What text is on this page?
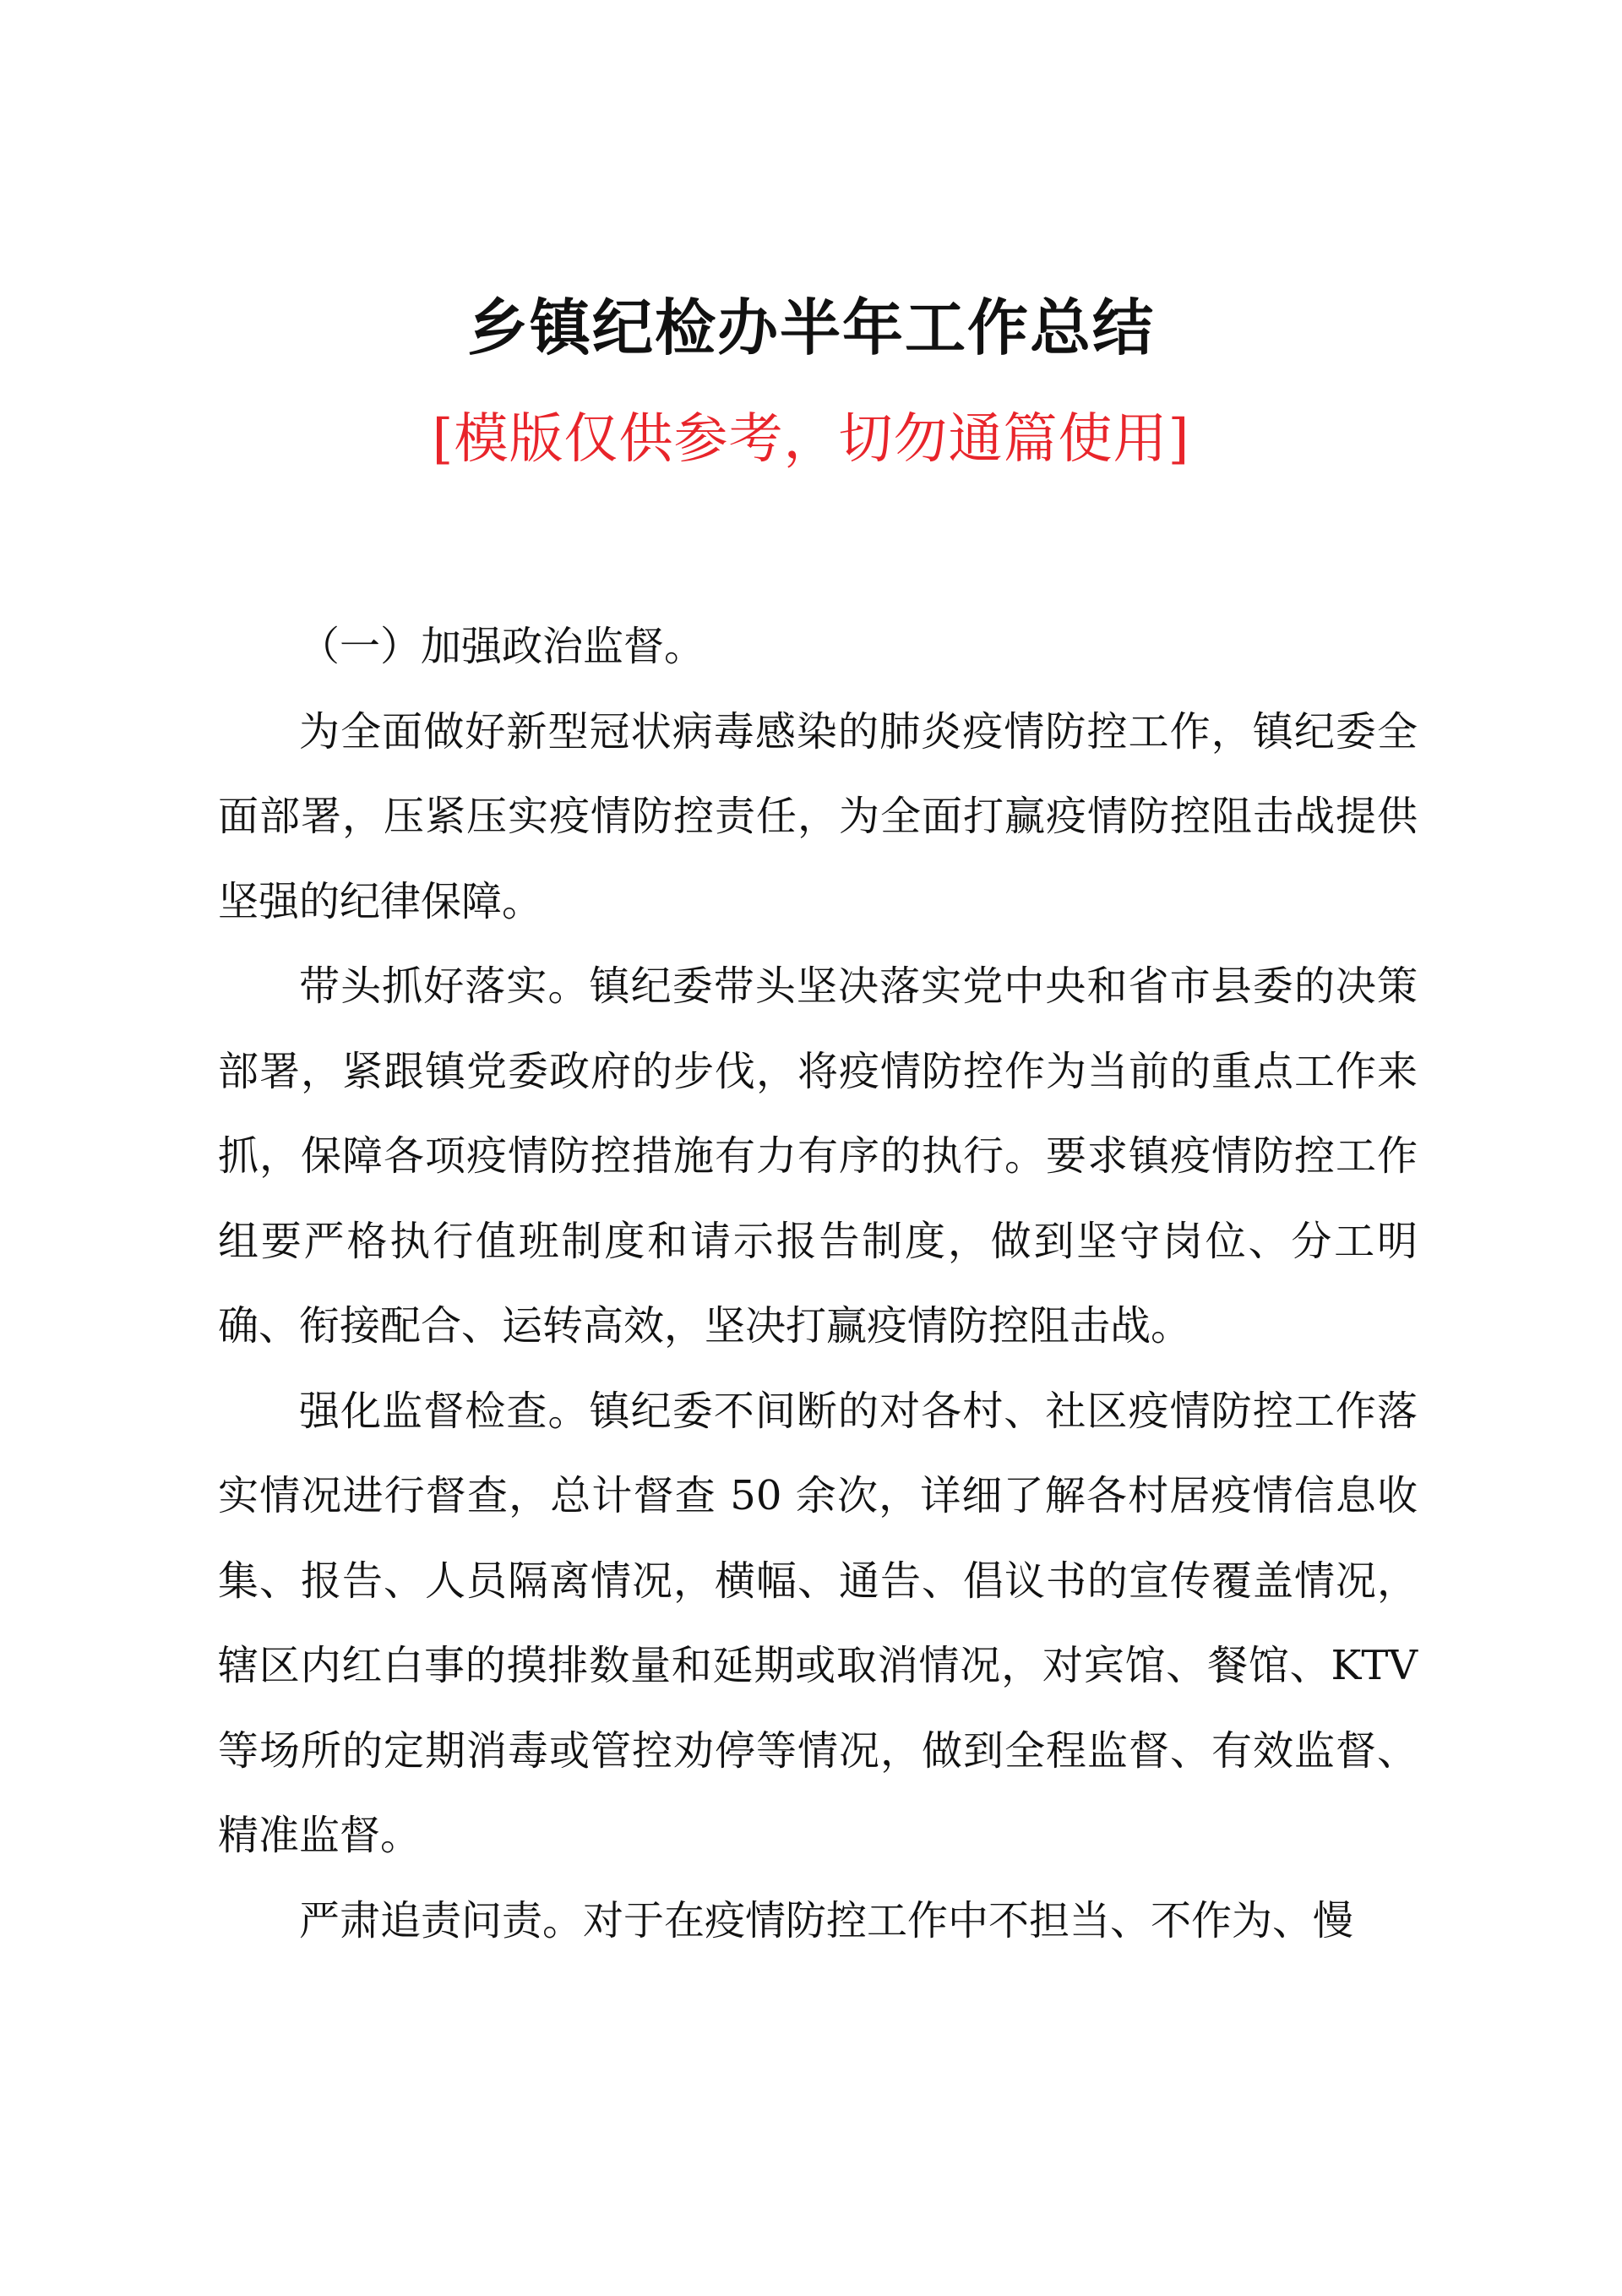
乡镇纪检办半年工作总结
[模版仅供参考，切勿通篇使用]

（一）加强政治监督。

为全面做好新型冠状病毒感染的肺炎疫情防控工作，镇纪委全面部署，压紧压实疫情防控责任，为全面打赢疫情防控阻击战提供坚强的纪律保障。

带头抓好落实。镇纪委带头坚决落实党中央和省市县委的决策部署，紧跟镇党委政府的步伐，将疫情防控作为当前的重点工作来抓，保障各项疫情防控措施有力有序的执行。要求镇疫情防控工作组要严格执行值班制度和请示报告制度，做到坚守岗位、分工明确、衔接配合、运转高效，坚决打赢疫情防控阻击战。

强化监督检查。镇纪委不间断的对各村、社区疫情防控工作落实情况进行督查，总计督查 50 余次，详细了解各村居疫情信息收集、报告、人员隔离情况，横幅、通告、倡议书的宣传覆盖情况，辖区内红白事的摸排数量和延期或取消情况，对宾馆、餐馆、KTV 等场所的定期消毒或管控劝停等情况，做到全程监督、有效监督、精准监督。

严肃追责问责。对于在疫情防控工作中不担当、不作为、慢
